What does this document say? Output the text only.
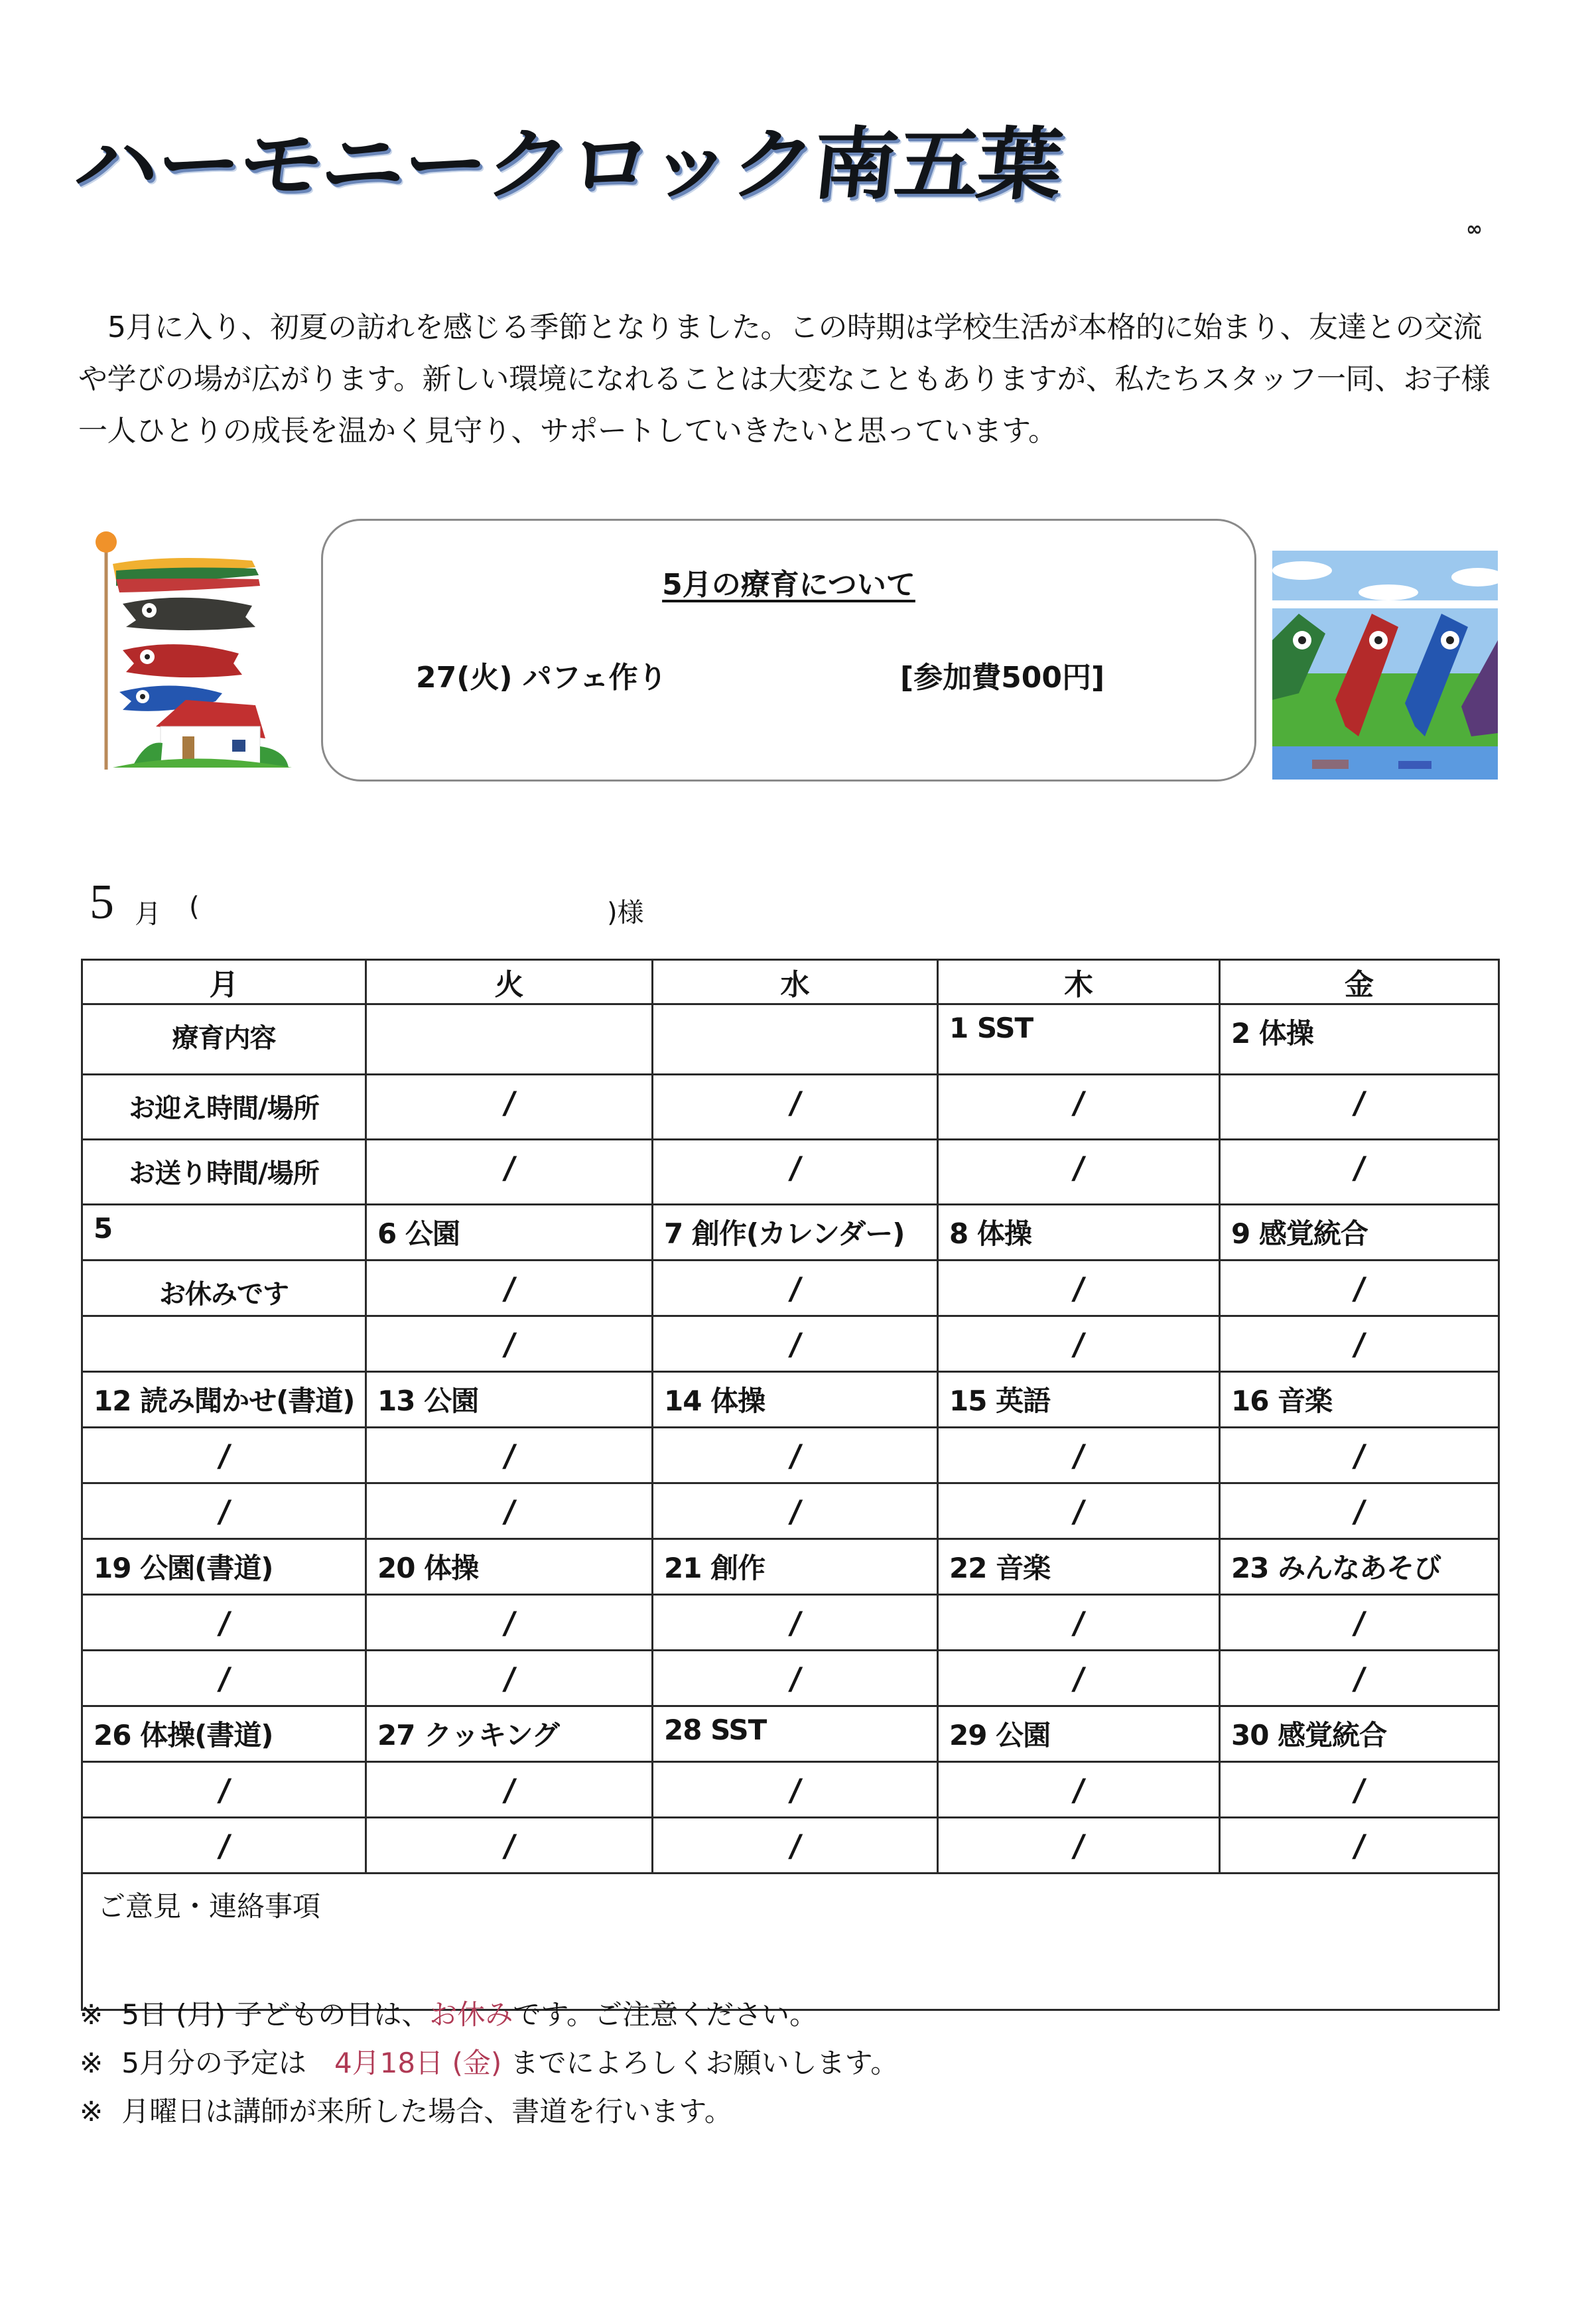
ハーモニークロック南五葉
∞

5月に入り、初夏の訪れを感じる季節となりました。この時期は学校生活が本格的に始まり、友達との交流や学びの場が広がります。新しい環境になれることは大変なこともありますが、私たちスタッフ一同、お子様一人ひとりの成長を温かく見守り、サポートしていきたいと思っています。

5月の療育について
27(火) パフェ作り	[参加費500円]
5 月 (	)様
月	火	水	木	金

療育内容			1 SST	2 体操

お迎え時間/場所	/	/	/	/

お送り時間/場所	/	/	/	/

5	6 公園	7 創作(カレンダー)	8 体操	9 感覚統合

お休みです	/	/	/	/

	/	/	/	/

12 読み聞かせ(書道)	13 公園	14 体操	15 英語	16 音楽

/	/	/	/	/

/	/	/	/	/

19 公園(書道)	20 体操	21 創作	22 音楽	23 みんなあそび

/	/	/	/	/

/	/	/	/	/

26 体操(書道)	27 クッキング	28 SST	29 公園	30 感覚統合

/	/	/	/	/

/	/	/	/	/

ご意見・連絡事項				
※ 5日 (月) 子どもの日は、お休みです。ご注意ください。
※ 5月分の予定は　4月18日 (金) までによろしくお願いします。
※ 月曜日は講師が来所した場合、書道を行います。
